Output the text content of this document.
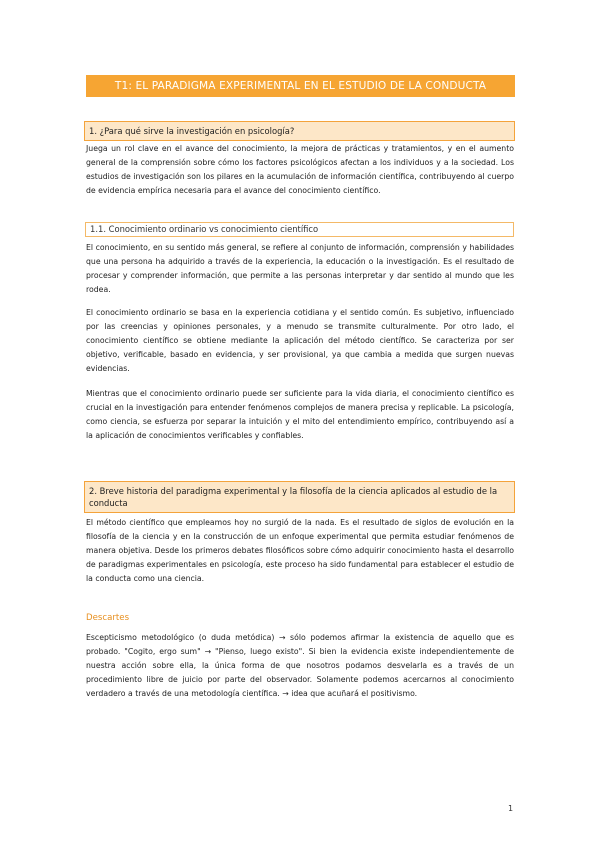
T1: EL PARADIGMA EXPERIMENTAL EN EL ESTUDIO DE LA CONDUCTA
1. ¿Para qué sirve la investigación en psicología?

Juega un rol clave en el avance del conocimiento, la mejora de prácticas y tratamientos, y en el aumento general de la comprensión sobre cómo los factores psicológicos afectan a los individuos y a la sociedad. Los estudios de investigación son los pilares en la acumulación de información científica, contribuyendo al cuerpo de evidencia empírica necesaria para el avance del conocimiento científico.

1.1. Conocimiento ordinario vs conocimiento científico

El conocimiento, en su sentido más general, se refiere al conjunto de información, comprensión y habilidades que una persona ha adquirido a través de la experiencia, la educación o la investigación. Es el resultado de procesar y comprender información, que permite a las personas interpretar y dar sentido al mundo que les rodea.

El conocimiento ordinario se basa en la experiencia cotidiana y el sentido común. Es subjetivo, influenciado por las creencias y opiniones personales, y a menudo se transmite culturalmente. Por otro lado, el conocimiento científico se obtiene mediante la aplicación del método científico. Se caracteriza por ser objetivo, verificable, basado en evidencia, y ser provisional, ya que cambia a medida que surgen nuevas evidencias.

Mientras que el conocimiento ordinario puede ser suficiente para la vida diaria, el conocimiento científico es crucial en la investigación para entender fenómenos complejos de manera precisa y replicable. La psicología, como ciencia, se esfuerza por separar la intuición y el mito del entendimiento empírico, contribuyendo así a la aplicación de conocimientos verificables y confiables.

2. Breve historia del paradigma experimental y la filosofía de la ciencia aplicados al estudio de la conducta

El método científico que empleamos hoy no surgió de la nada. Es el resultado de siglos de evolución en la filosofía de la ciencia y en la construcción de un enfoque experimental que permita estudiar fenómenos de manera objetiva. Desde los primeros debates filosóficos sobre cómo adquirir conocimiento hasta el desarrollo de paradigmas experimentales en psicología, este proceso ha sido fundamental para establecer el estudio de la conducta como una ciencia.

Descartes

Escepticismo metodológico (o duda metódica) → sólo podemos afirmar la existencia de aquello que es probado. "Cogito, ergo sum" → "Pienso, luego existo". Si bien la evidencia existe independientemente de nuestra acción sobre ella, la única forma de que nosotros podamos desvelarla es a través de un procedimiento libre de juicio por parte del observador. Solamente podemos acercarnos al conocimiento verdadero a través de una metodología científica. → idea que acuñará el positivismo.

1
